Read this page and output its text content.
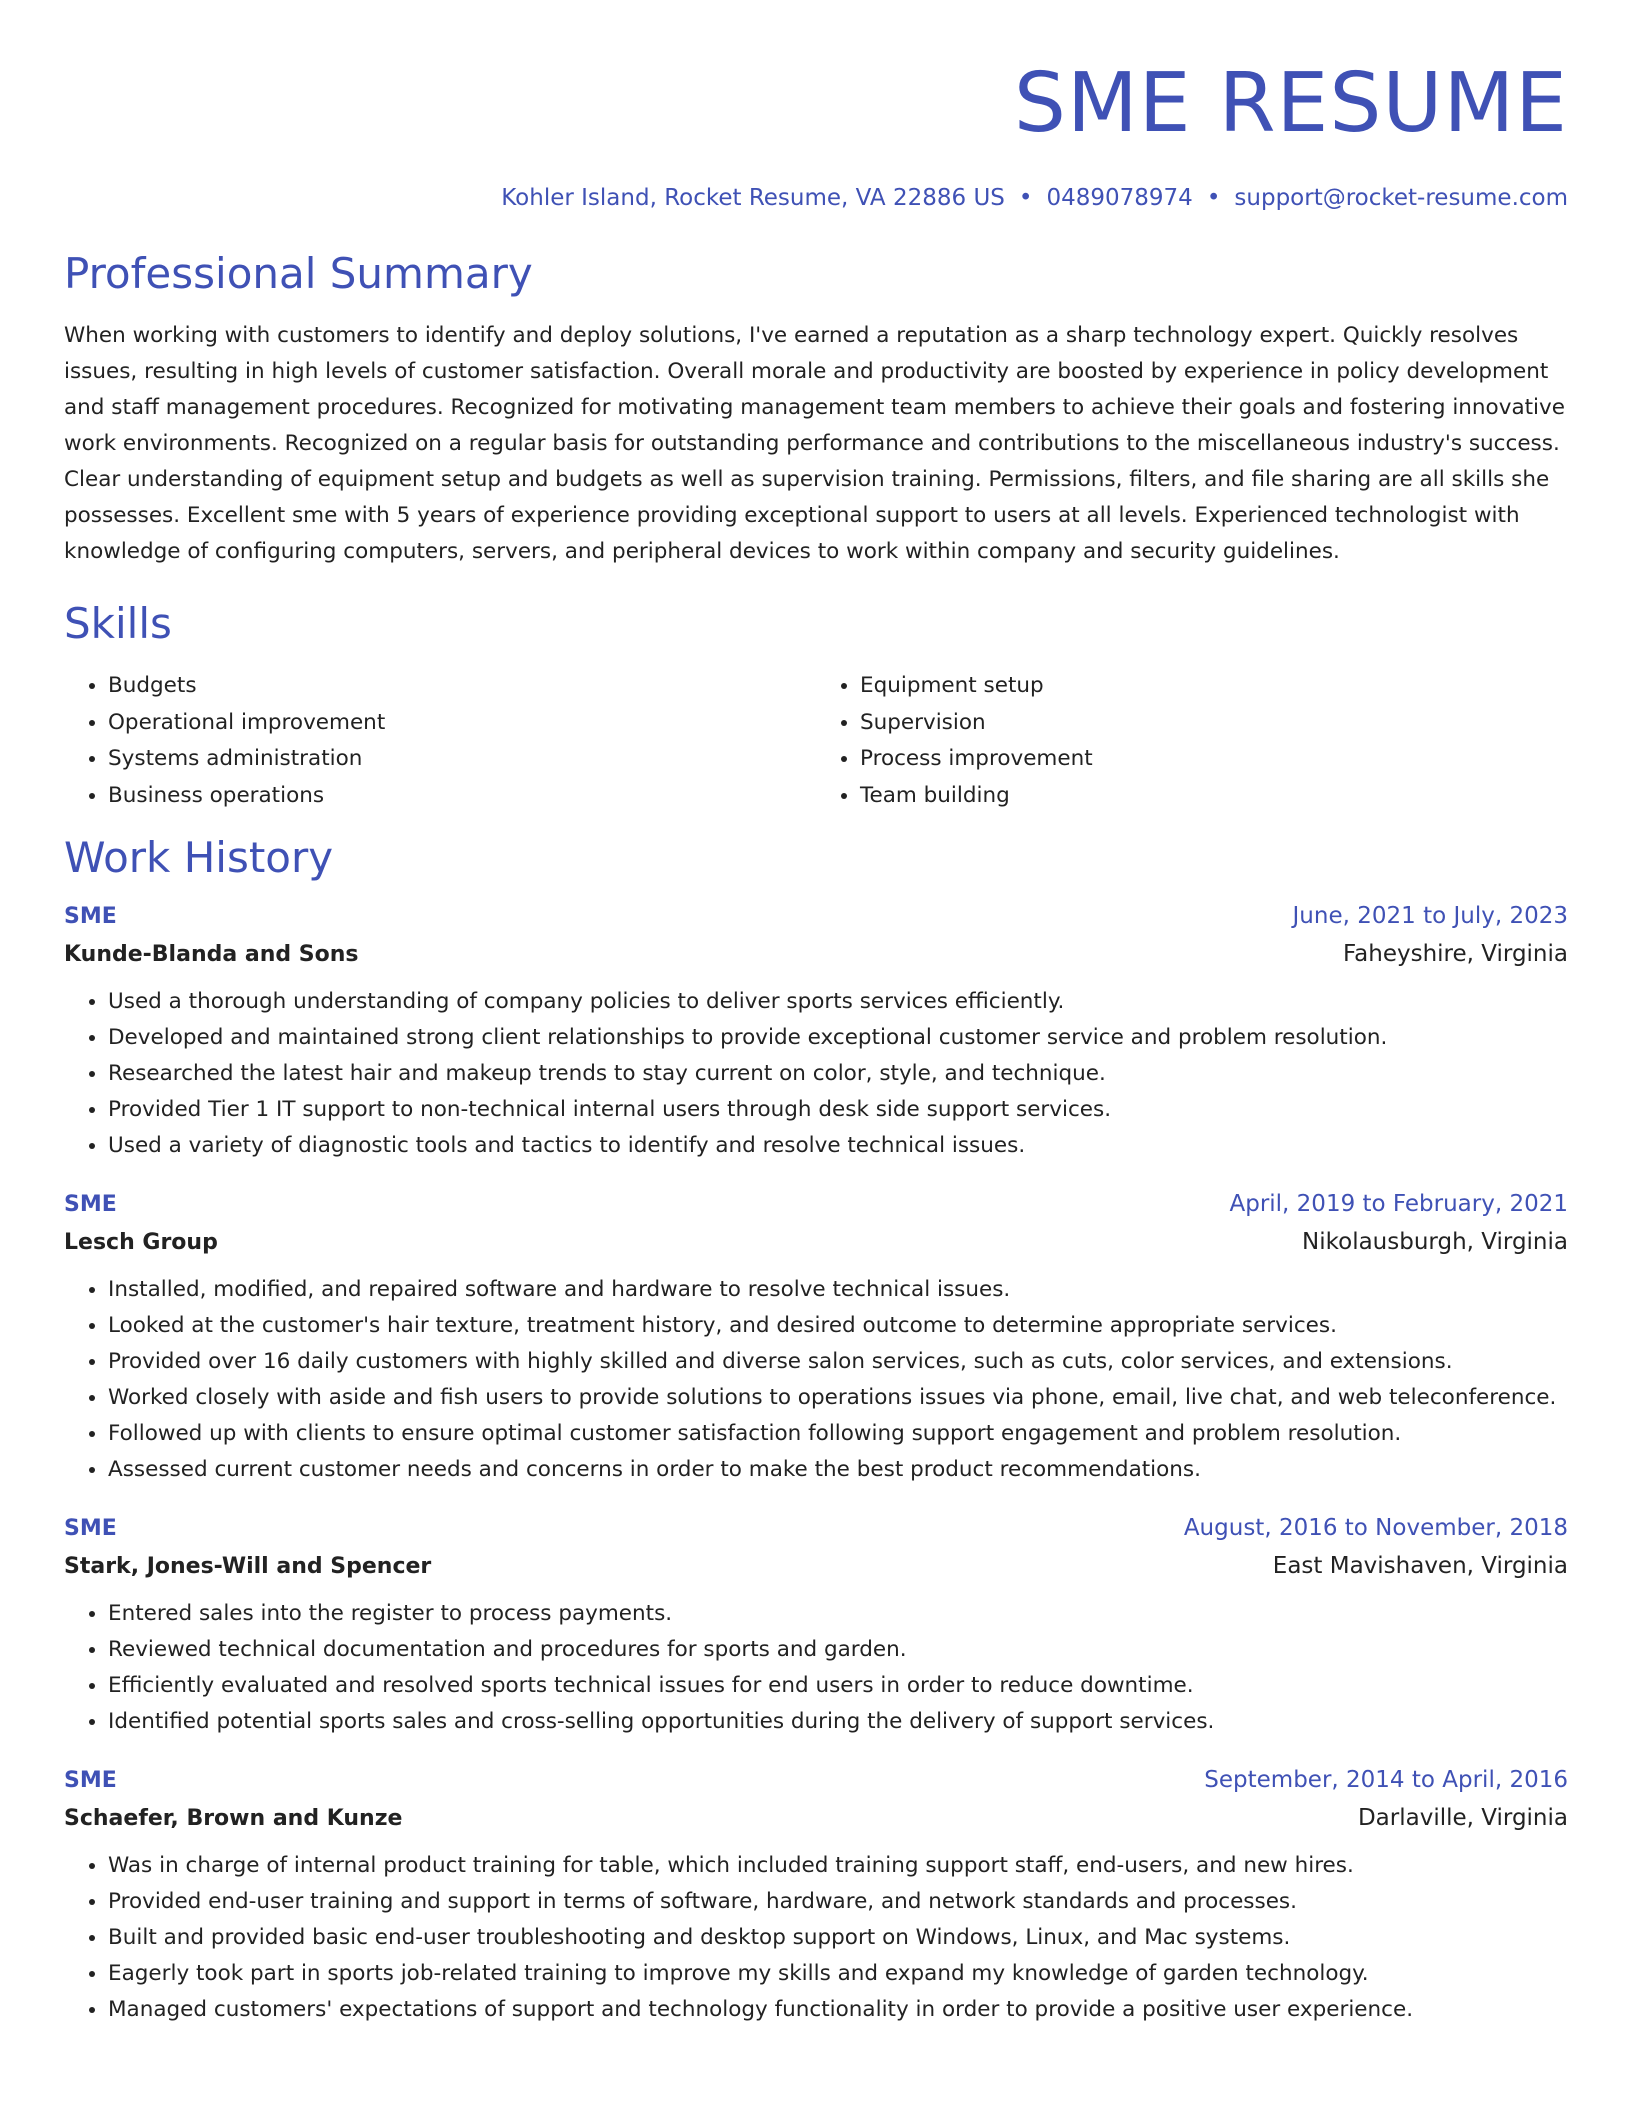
SME RESUME
Kohler Island, Rocket Resume, VA 22886 US • 0489078974 • support@rocket-resume.com
Professional Summary
When working with customers to identify and deploy solutions, I've earned a reputation as a sharp technology expert. Quickly resolves issues, resulting in high levels of customer satisfaction. Overall morale and productivity are boosted by experience in policy development and staff management procedures. Recognized for motivating management team members to achieve their goals and fostering innovative work environments. Recognized on a regular basis for outstanding performance and contributions to the miscellaneous industry's success. Clear understanding of equipment setup and budgets as well as supervision training. Permissions, filters, and file sharing are all skills she possesses. Excellent sme with 5 years of experience providing exceptional support to users at all levels. Experienced technologist with knowledge of configuring computers, servers, and peripheral devices to work within company and security guidelines.
Skills
• Budgets
• Operational improvement
• Systems administration
• Business operations
• Equipment setup
• Supervision
• Process improvement
• Team building
Work History
SME	June, 2021 to July, 2023
Kunde-Blanda and Sons	Faheyshire, Virginia
• Used a thorough understanding of company policies to deliver sports services efficiently.
• Developed and maintained strong client relationships to provide exceptional customer service and problem resolution.
• Researched the latest hair and makeup trends to stay current on color, style, and technique.
• Provided Tier 1 IT support to non-technical internal users through desk side support services.
• Used a variety of diagnostic tools and tactics to identify and resolve technical issues.
SME	April, 2019 to February, 2021
Lesch Group	Nikolausburgh, Virginia
• Installed, modified, and repaired software and hardware to resolve technical issues.
• Looked at the customer's hair texture, treatment history, and desired outcome to determine appropriate services.
• Provided over 16 daily customers with highly skilled and diverse salon services, such as cuts, color services, and extensions.
• Worked closely with aside and fish users to provide solutions to operations issues via phone, email, live chat, and web teleconference.
• Followed up with clients to ensure optimal customer satisfaction following support engagement and problem resolution.
• Assessed current customer needs and concerns in order to make the best product recommendations.
SME	August, 2016 to November, 2018
Stark, Jones-Will and Spencer	East Mavishaven, Virginia
• Entered sales into the register to process payments.
• Reviewed technical documentation and procedures for sports and garden.
• Efficiently evaluated and resolved sports technical issues for end users in order to reduce downtime.
• Identified potential sports sales and cross-selling opportunities during the delivery of support services.
SME	September, 2014 to April, 2016
Schaefer, Brown and Kunze	Darlaville, Virginia
• Was in charge of internal product training for table, which included training support staff, end-users, and new hires.
• Provided end-user training and support in terms of software, hardware, and network standards and processes.
• Built and provided basic end-user troubleshooting and desktop support on Windows, Linux, and Mac systems.
• Eagerly took part in sports job-related training to improve my skills and expand my knowledge of garden technology.
• Managed customers' expectations of support and technology functionality in order to provide a positive user experience.
